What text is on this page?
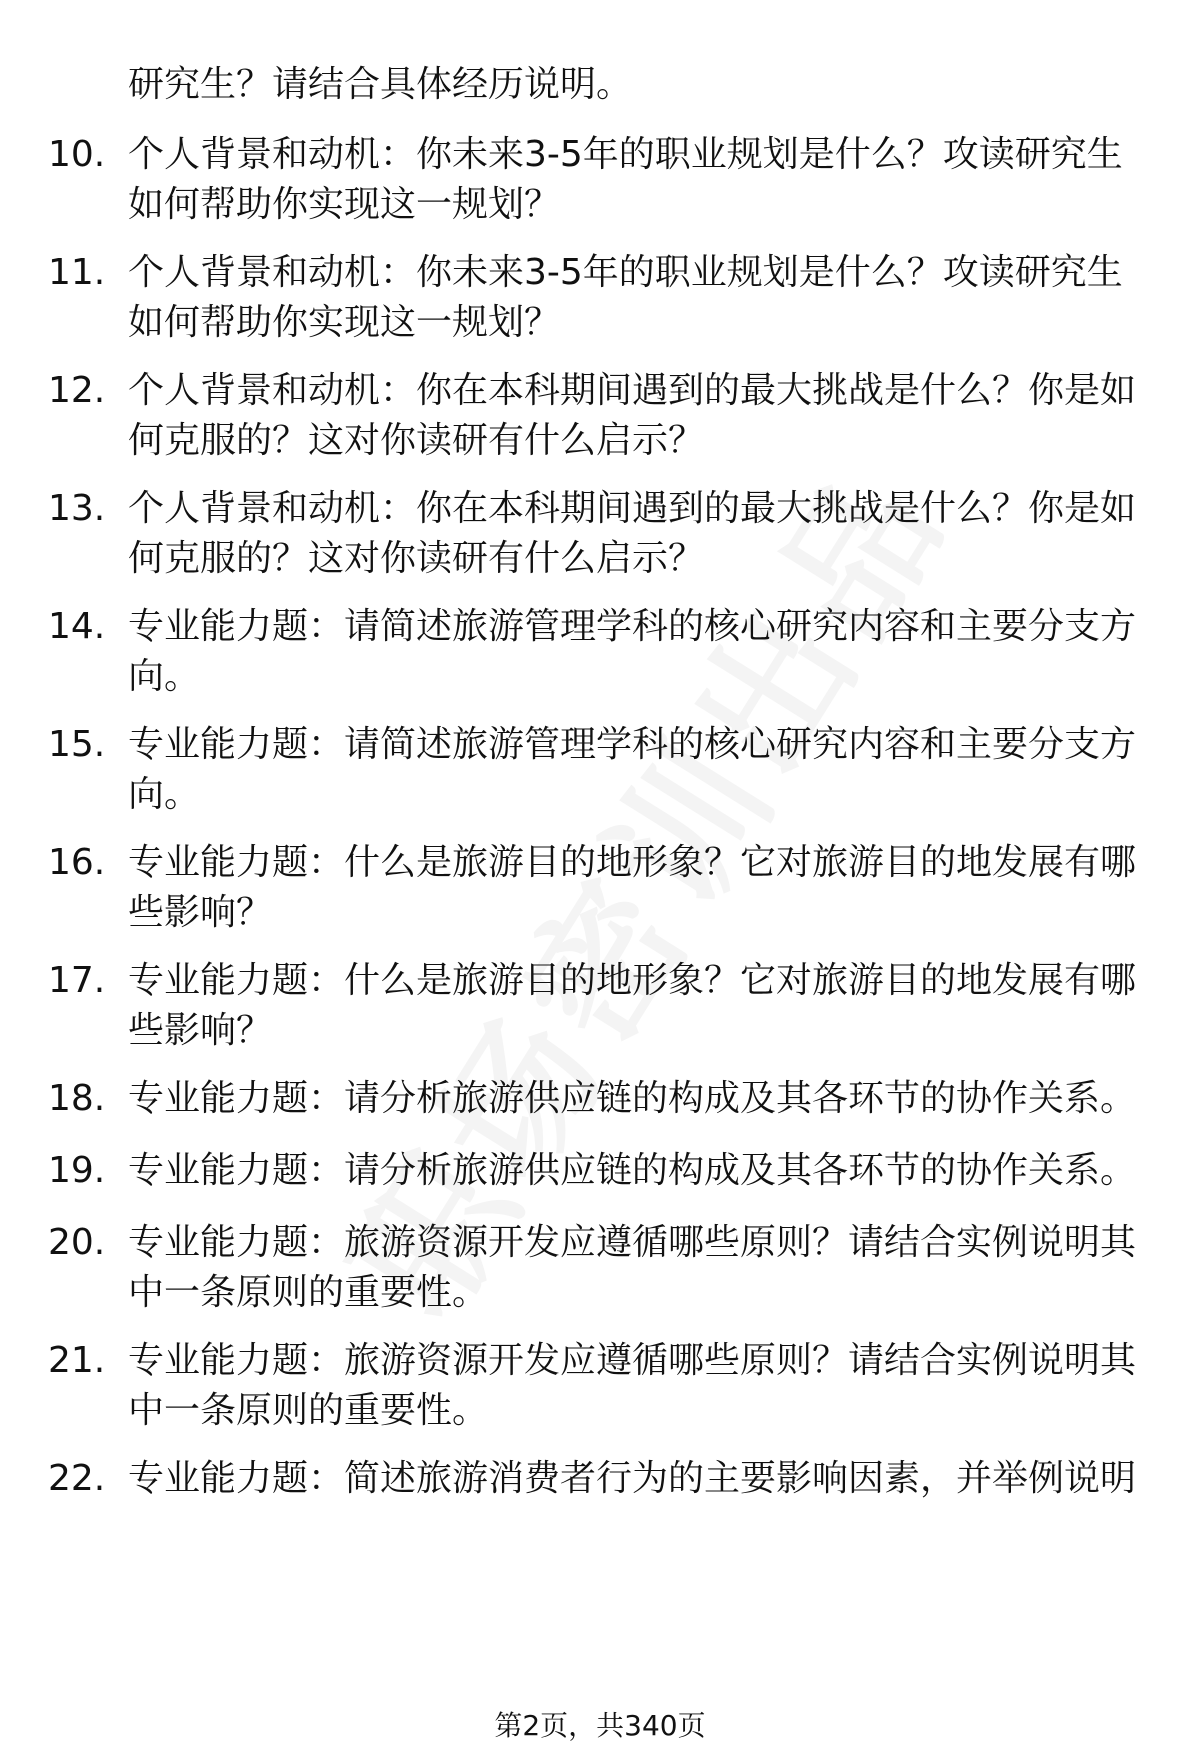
研究生？请结合具体经历说明。
10. 个人背景和动机：你未来3-5年的职业规划是什么？攻读研究生如何帮助你实现这一规划？
11. 个人背景和动机：你未来3-5年的职业规划是什么？攻读研究生如何帮助你实现这一规划？
12. 个人背景和动机：你在本科期间遇到的最大挑战是什么？你是如何克服的？这对你读研有什么启示？
13. 个人背景和动机：你在本科期间遇到的最大挑战是什么？你是如何克服的？这对你读研有什么启示？
14. 专业能力题：请简述旅游管理学科的核心研究内容和主要分支方向。
15. 专业能力题：请简述旅游管理学科的核心研究内容和主要分支方向。
16. 专业能力题：什么是旅游目的地形象？它对旅游目的地发展有哪些影响？
17. 专业能力题：什么是旅游目的地形象？它对旅游目的地发展有哪些影响？
18. 专业能力题：请分析旅游供应链的构成及其各环节的协作关系。
19. 专业能力题：请分析旅游供应链的构成及其各环节的协作关系。
20. 专业能力题：旅游资源开发应遵循哪些原则？请结合实例说明其中一条原则的重要性。
21. 专业能力题：旅游资源开发应遵循哪些原则？请结合实例说明其中一条原则的重要性。
22. 专业能力题：简述旅游消费者行为的主要影响因素，并举例说明
第2页，共340页
